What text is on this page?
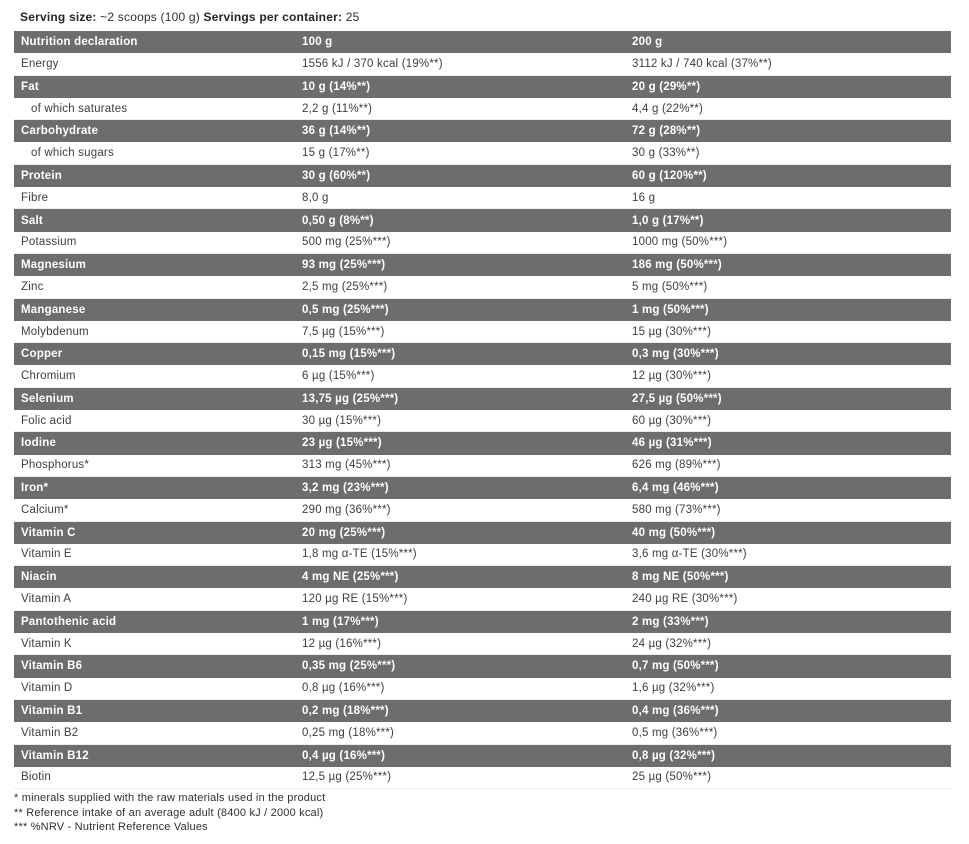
Serving size: ~2 scoops (100 g) Servings per container: 25
Nutrition declaration	100 g	200 g
Energy	1556 kJ / 370 kcal (19%**)	3112 kJ / 740 kcal (37%**)
Fat	10 g (14%**)	20 g (29%**)
of which saturates	2,2 g (11%**)	4,4 g (22%**)
Carbohydrate	36 g (14%**)	72 g (28%**)
of which sugars	15 g (17%**)	30 g (33%**)
Protein	30 g (60%**)	60 g (120%**)
Fibre	8,0 g	16 g
Salt	0,50 g (8%**)	1,0 g (17%**)
Potassium	500 mg (25%***)	1000 mg (50%***)
Magnesium	93 mg (25%***)	186 mg (50%***)
Zinc	2,5 mg (25%***)	5 mg (50%***)
Manganese	0,5 mg (25%***)	1 mg (50%***)
Molybdenum	7,5 µg (15%***)	15 µg (30%***)
Copper	0,15 mg (15%***)	0,3 mg (30%***)
Chromium	6 µg (15%***)	12 µg (30%***)
Selenium	13,75 µg (25%***)	27,5 µg (50%***)
Folic acid	30 µg (15%***)	60 µg (30%***)
Iodine	23 µg (15%***)	46 µg (31%***)
Phosphorus*	313 mg (45%***)	626 mg (89%***)
Iron*	3,2 mg (23%***)	6,4 mg (46%***)
Calcium*	290 mg (36%***)	580 mg (73%***)
Vitamin C	20 mg (25%***)	40 mg (50%***)
Vitamin E	1,8 mg α-TE (15%***)	3,6 mg α-TE (30%***)
Niacin	4 mg NE (25%***)	8 mg NE (50%***)
Vitamin A	120 µg RE (15%***)	240 µg RE (30%***)
Pantothenic acid	1 mg (17%***)	2 mg (33%***)
Vitamin K	12 µg (16%***)	24 µg (32%***)
Vitamin B6	0,35 mg (25%***)	0,7 mg (50%***)
Vitamin D	0,8 µg (16%***)	1,6 µg (32%***)
Vitamin B1	0,2 mg (18%***)	0,4 mg (36%***)
Vitamin B2	0,25 mg (18%***)	0,5 mg (36%***)
Vitamin B12	0,4 µg (16%***)	0,8 µg (32%***)
Biotin	12,5 µg (25%***)	25 µg (50%***)
* minerals supplied with the raw materials used in the product
** Reference intake of an average adult (8400 kJ / 2000 kcal)
*** %NRV - Nutrient Reference Values
